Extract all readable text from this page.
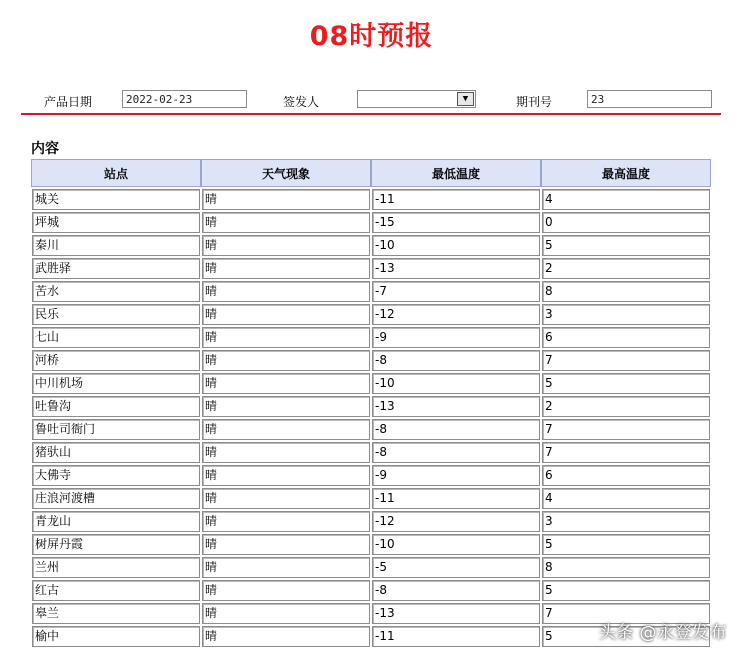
08时预报
产品日期	2022-02-23	签发人	▼	期刊号	23
内容
站点	天气现象	最低温度	最高温度

城关	晴	-11	4

坪城	晴	-15	0

秦川	晴	-10	5

武胜驿	晴	-13	2

苦水	晴	-7	8

民乐	晴	-12	3

七山	晴	-9	6

河桥	晴	-8	7

中川机场	晴	-10	5

吐鲁沟	晴	-13	2

鲁吐司衙门	晴	-8	7

猪驮山	晴	-8	7

大佛寺	晴	-9	6

庄浪河渡槽	晴	-11	4

青龙山	晴	-12	3

树屏丹霞	晴	-10	5

兰州	晴	-5	8

红古	晴	-8	5

皋兰	晴	-13	7

榆中	晴	-11	5	头条 @永登发布
